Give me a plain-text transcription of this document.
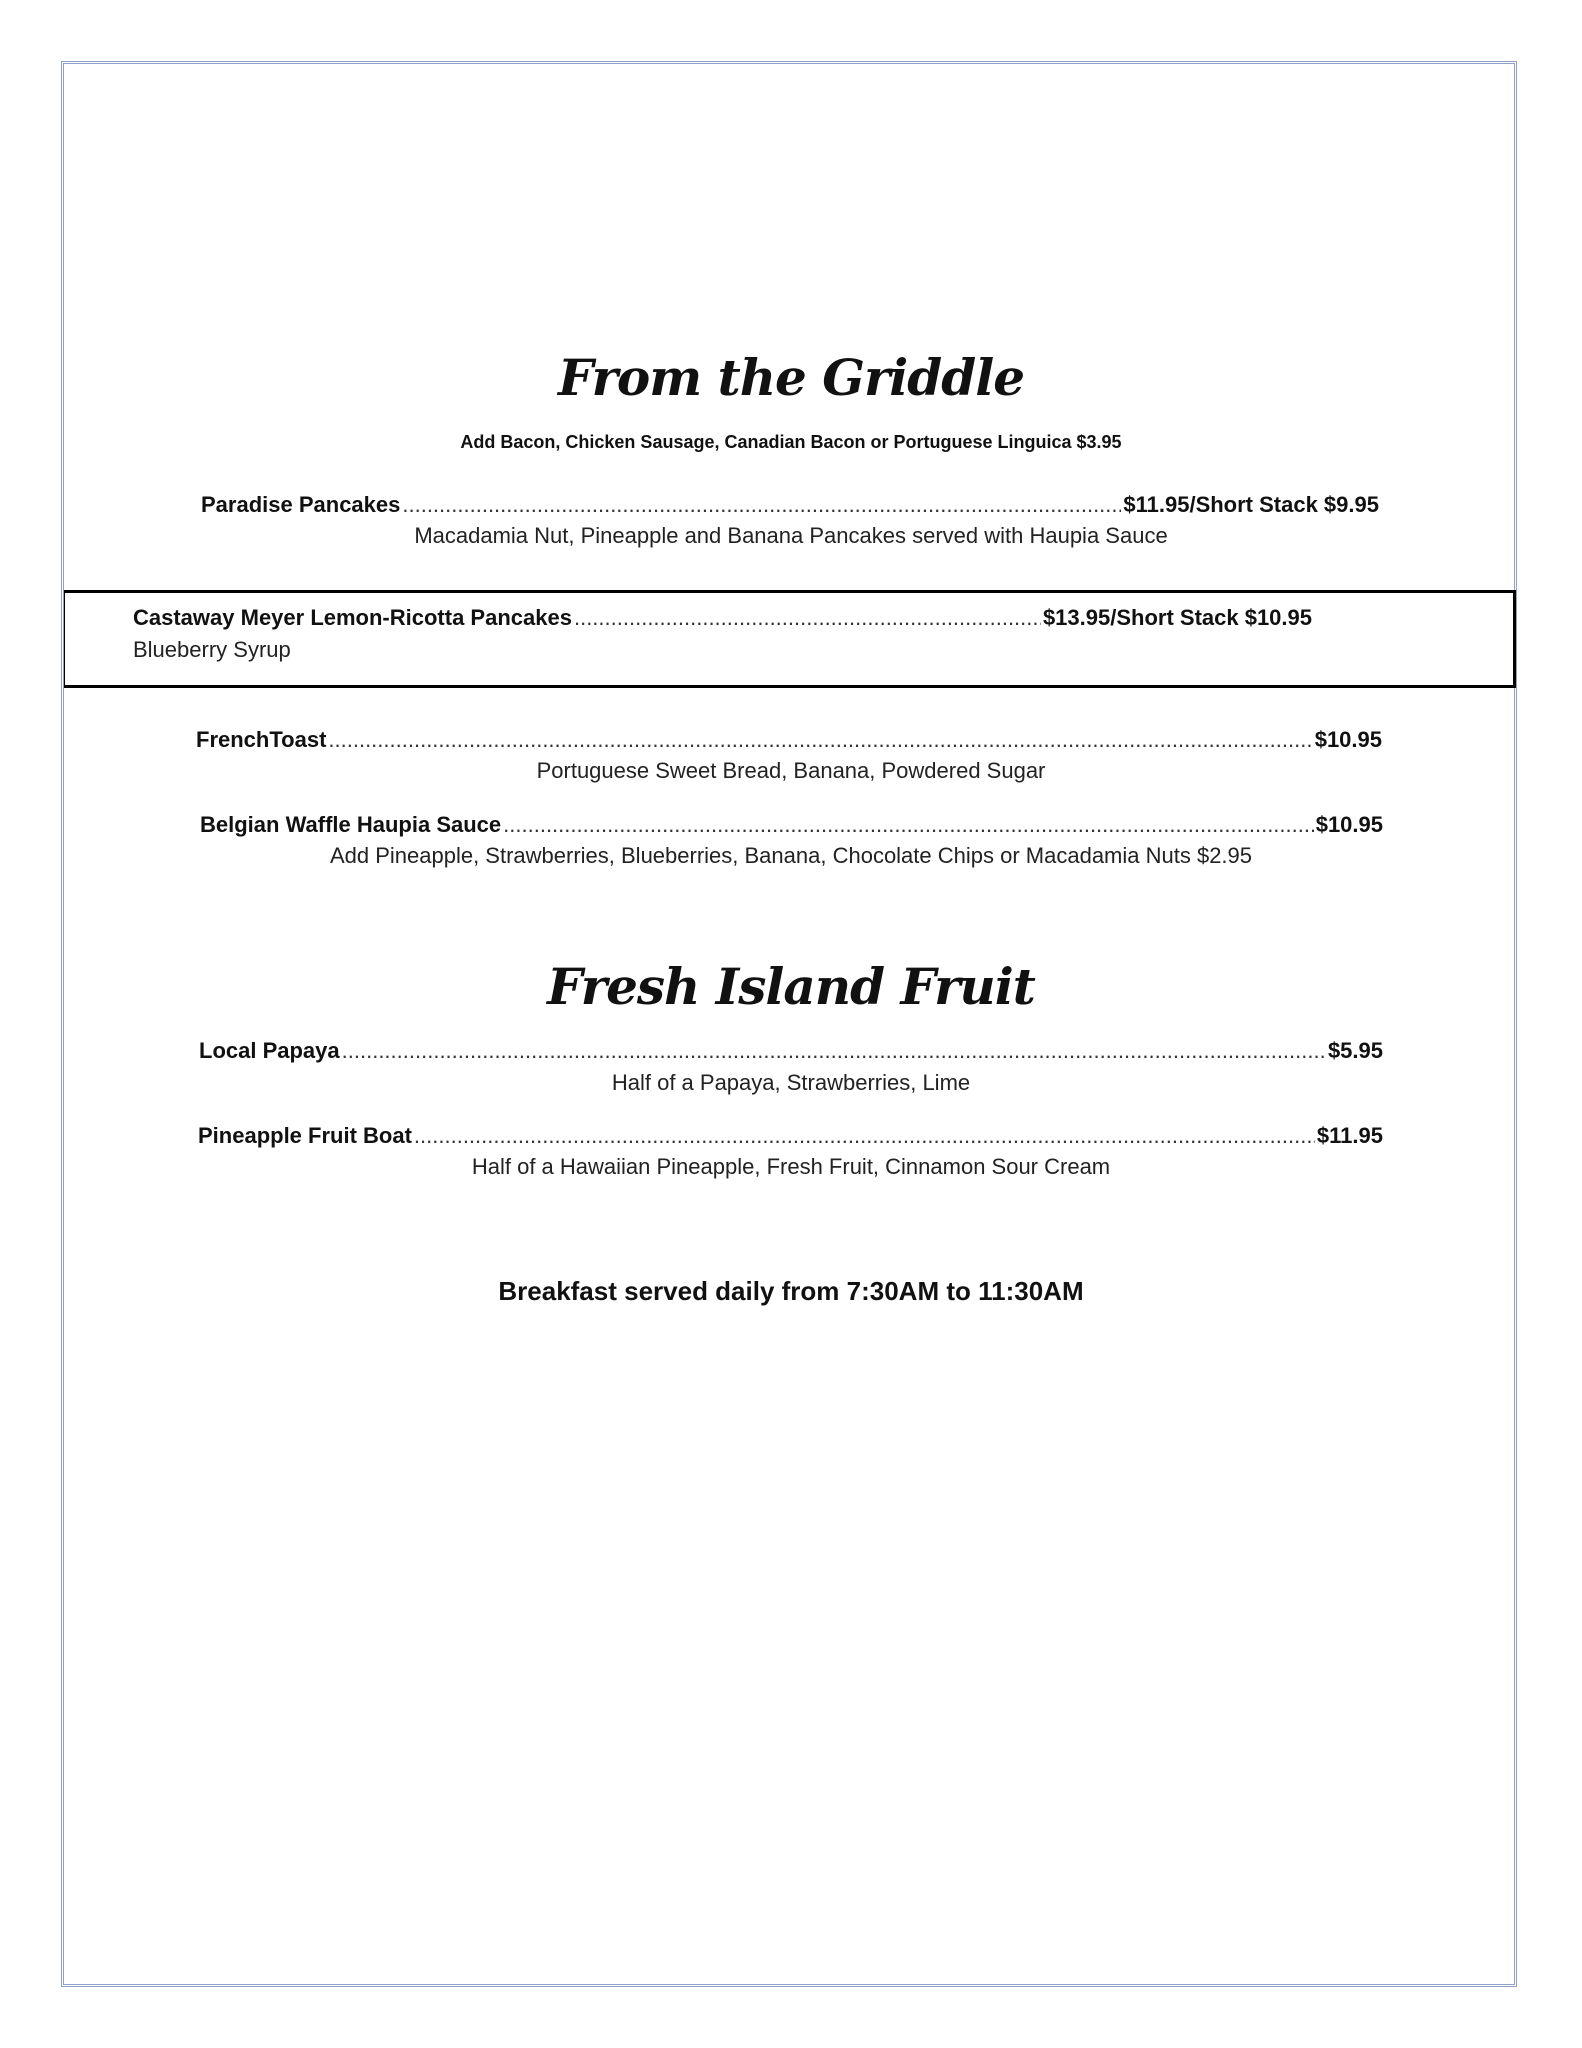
From the Griddle
Add Bacon, Chicken Sausage, Canadian Bacon or Portuguese Linguica $3.95
Paradise Pancakes .....	$11.95/Short Stack $9.95
Macadamia Nut, Pineapple and Banana Pancakes served with Haupia Sauce
Castaway Meyer Lemon-Ricotta Pancakes .....	$13.95/Short Stack $10.95
Blueberry Syrup
FrenchToast .....	$10.95
Portuguese Sweet Bread, Banana, Powdered Sugar
Belgian Waffle Haupia Sauce .....	$10.95
Add Pineapple, Strawberries, Blueberries, Banana, Chocolate Chips or Macadamia Nuts $2.95
Fresh Island Fruit
Local Papaya .....	$5.95
Half of a Papaya, Strawberries, Lime
Pineapple Fruit Boat .....	$11.95
Half of a Hawaiian Pineapple, Fresh Fruit, Cinnamon Sour Cream
Breakfast served daily from 7:30AM to 11:30AM
